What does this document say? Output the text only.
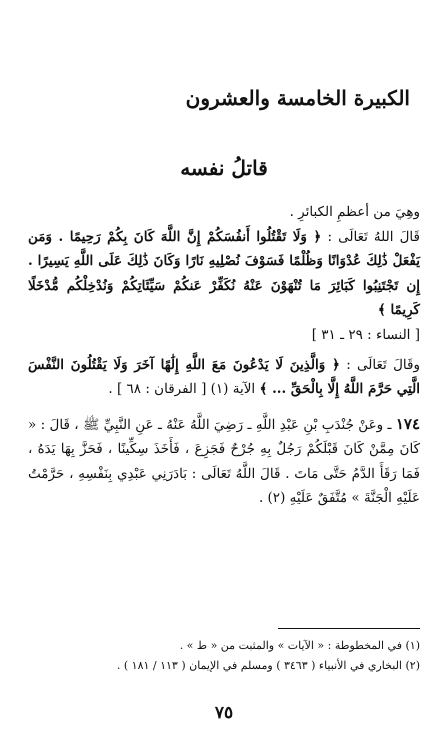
الكبيرة الخامسة والعشرون
قاتلُ نفسه

وهِيَ من أعظمِ الكبائرِ .

قَالَ اللهُ تَعَالَى : ﴿ وَلَا تَقْتُلُوا أَنفُسَكُمْ إِنَّ اللَّهَ كَانَ بِكُمْ رَحِيمًا . وَمَن يَفْعَلْ ذَٰلِكَ عُدْوَانًا وَظُلْمًا فَسَوْفَ نُصْلِيهِ نَارًا وَكَانَ ذَٰلِكَ عَلَى اللَّهِ يَسِيرًا . إِن تَجْتَنِبُوا كَبَائِرَ مَا تُنْهَوْنَ عَنْهُ نُكَفِّرْ عَنكُمْ سَيِّئَاتِكُمْ وَنُدْخِلْكُم مُّدْخَلًا كَرِيمًا ﴾

[ النساء : ٢٩ ـ ٣١ ]

وقَالَ تَعَالَى : ﴿ وَالَّذِينَ لَا يَدْعُونَ مَعَ اللَّهِ إِلَٰهًا آخَرَ وَلَا يَقْتُلُونَ النَّفْسَ الَّتِي حَرَّمَ اللَّهُ إِلَّا بِالْحَقِّ ... ﴾ الآية (١) [ الفرقان : ٦٨ ] .

١٧٤ ـ وعَنْ جُنْدَبِ بْنِ عَبْدِ اللَّهِ ـ رَضِيَ اللَّهُ عَنْهُ ـ عَنِ النَّبِيِّ ﷺ ، قَالَ : « كَانَ مِمَّنْ كَانَ قَبْلَكُمْ رَجُلٌ بِهِ جُرْحٌ فَجَزِعَ ، فَأَخَذَ سِكِّينًا ، فَحَزَّ بِهَا يَدَهُ ، فَمَا رَقَأَ الدَّمُ حَتَّى مَاتَ . قَالَ اللَّهُ تَعَالَى : بَادَرَنِي عَبْدِي بِنَفْسِهِ ، حَرَّمْتُ عَلَيْهِ الْجَنَّةَ » مُتَّفَقٌ عَلَيْهِ (٢) .

(١) في المخطوطة : « الآيات » والمثبت من « ط » .

(٢) البخاري في الأنبياء ( ٣٤٦٣ ) ومسلم في الإيمان ( ١١٣ / ١٨١ ) .

٧٥
